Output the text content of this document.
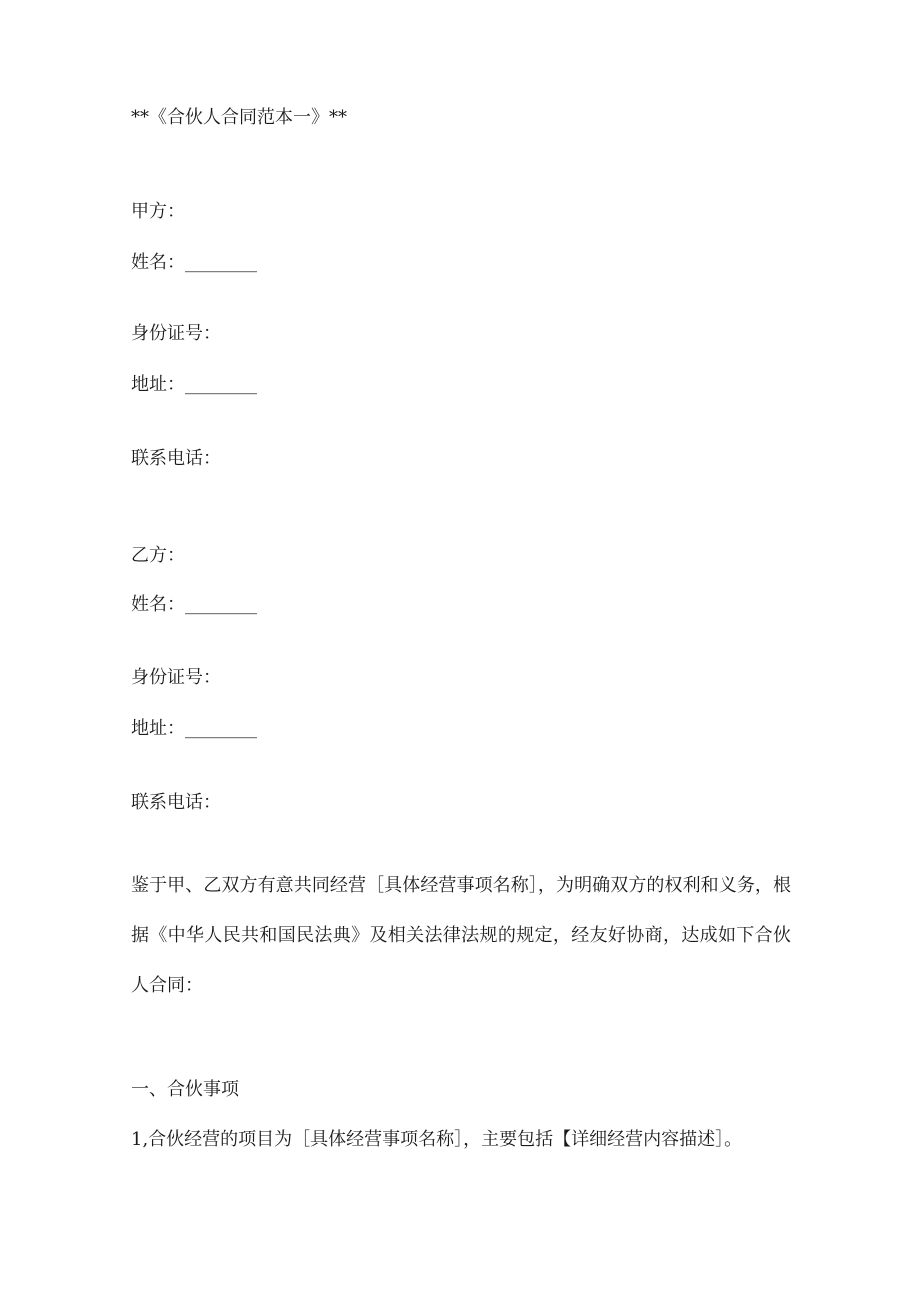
**《合伙人合同范本一》**
甲方：
姓名：________
身份证号：
地址：________
联系电话：
乙方：
姓名：________
身份证号：
地址：________
联系电话：
鉴于甲、乙双方有意共同经营［具体经营事项名称］，为明确双方的权利和义务，根据《中华人民共和国民法典》及相关法律法规的规定，经友好协商，达成如下合伙人合同：
一、合伙事项
1,合伙经营的项目为［具体经营事项名称］，主要包括【详细经营内容描述］。
